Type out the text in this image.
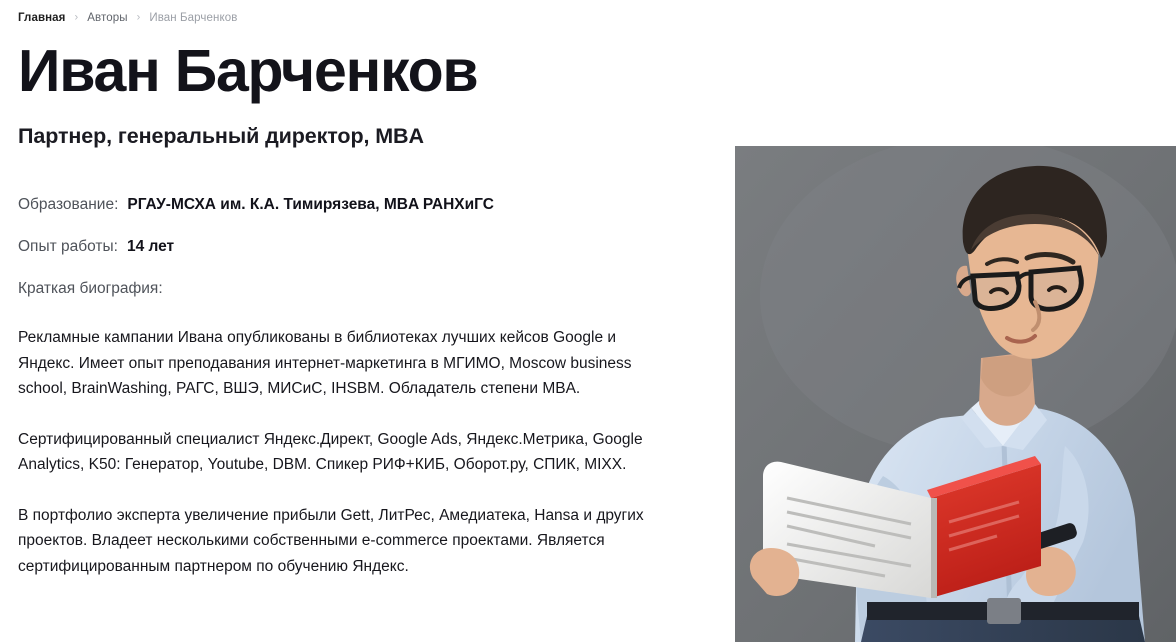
Главная › Авторы › Иван Барченков
Иван Барченков
Партнер, генеральный директор, MBA
Образование: РГАУ-МСХА им. К.А. Тимирязева, MBA РАНХиГС
Опыт работы: 14 лет
Краткая биография:

Рекламные кампании Ивана опубликованы в библиотеках лучших кейсов Google и Яндекс. Имеет опыт преподавания интернет-маркетинга в МГИМО, Moscow business school, BrainWashing, РАГС, ВШЭ, МИСиС, IHSBM. Обладатель степени MBA.

Сертифицированный специалист Яндекс.Директ, Google Ads, Яндекс.Метрика, Google Analytics, K50: Генератор, Youtube, DBM. Спикер РИФ+КИБ, Оборот.ру, СПИК, MIXX.

В портфолио эксперта увеличение прибыли Gett, ЛитРес, Амедиатека, Hansa и других проектов. Владеет несколькими собственными e-commerce проектами. Является сертифицированным партнером по обучению Яндекс.
